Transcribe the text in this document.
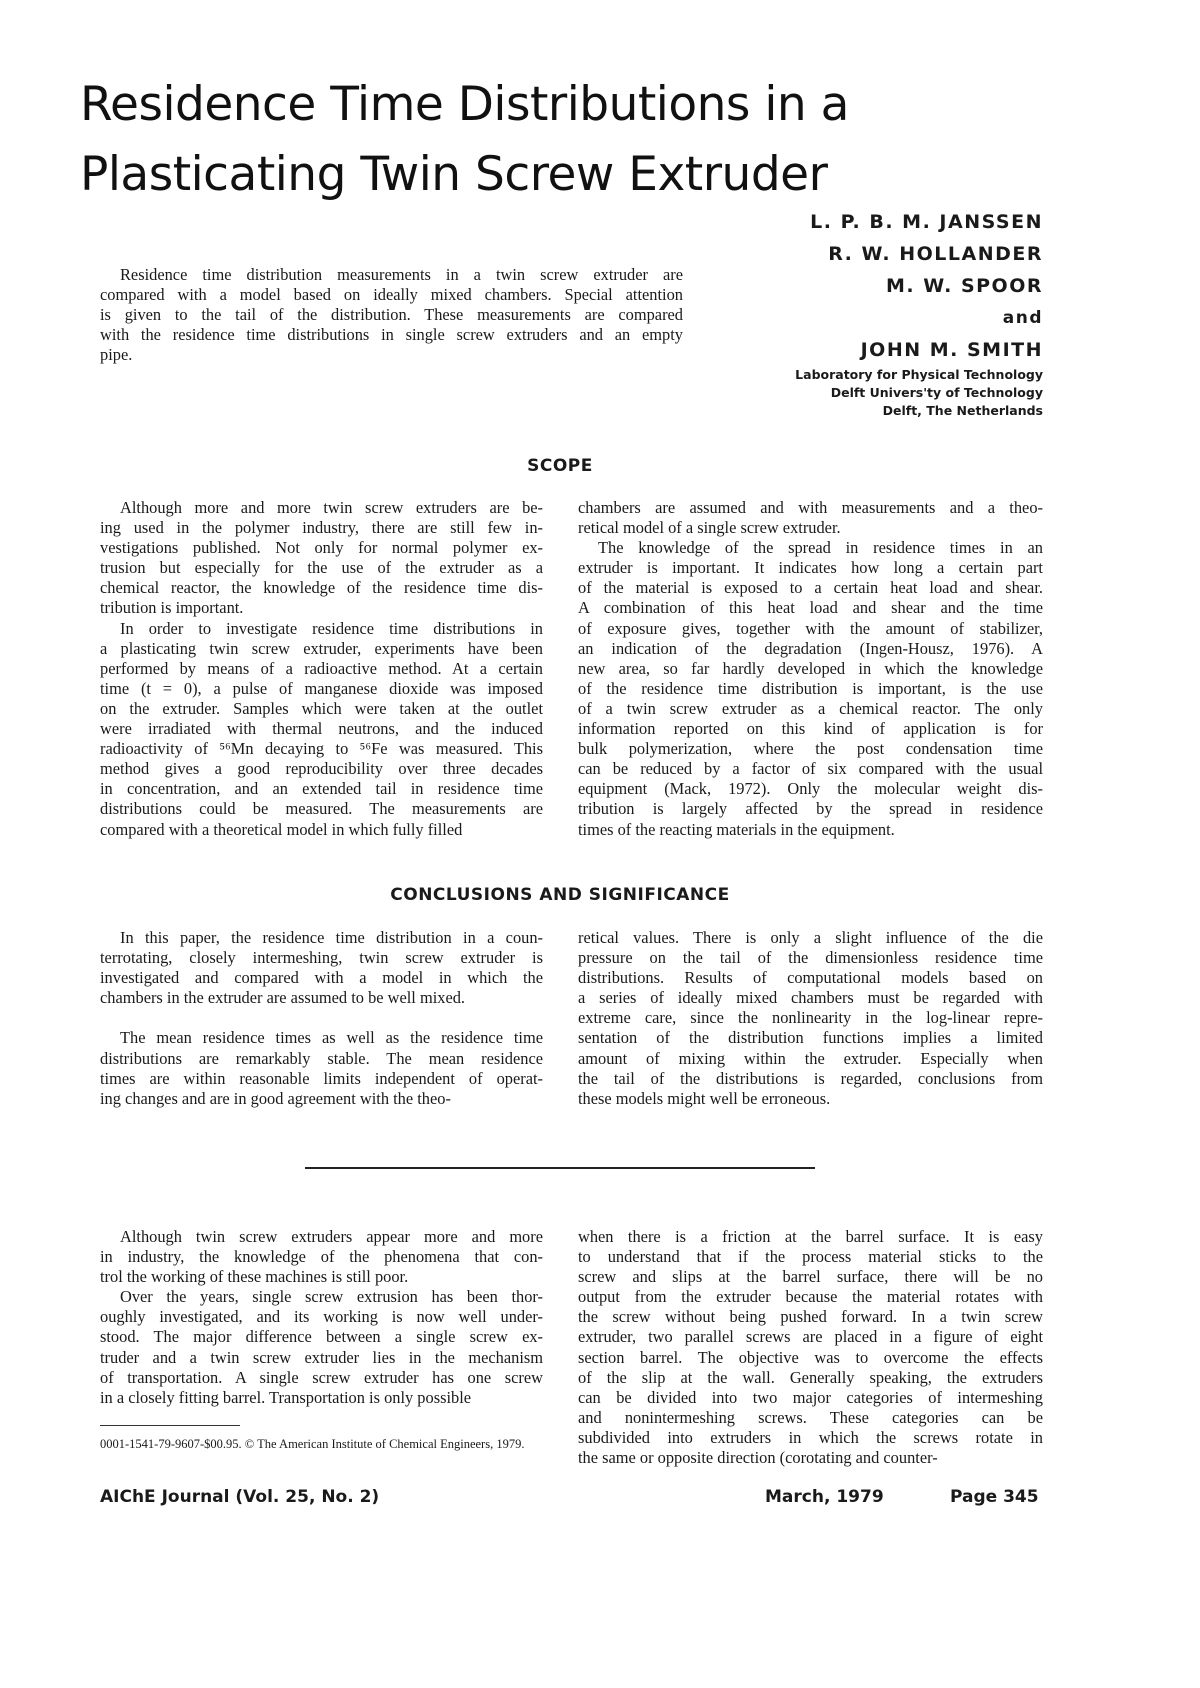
Residence Time Distributions in a
Plasticating Twin Screw Extruder
L. P. B. M. JANSSEN
R. W. HOLLANDER
M. W. SPOOR
and
JOHN M. SMITH
Laboratory for Physical Technology
Delft Univers'ty of Technology
Delft, The Netherlands
Residence time distribution measurements in a twin screw extruder are
compared with a model based on ideally mixed chambers. Special attention
is given to the tail of the distribution. These measurements are compared
with the residence time distributions in single screw extruders and an empty
pipe.
SCOPE
Although more and more twin screw extruders are be-
ing used in the polymer industry, there are still few in-
vestigations published. Not only for normal polymer ex-
trusion but especially for the use of the extruder as a
chemical reactor, the knowledge of the residence time dis-
tribution is important.
In order to investigate residence time distributions in
a plasticating twin screw extruder, experiments have been
performed by means of a radioactive method. At a certain
time (t = 0), a pulse of manganese dioxide was imposed
on the extruder. Samples which were taken at the outlet
were irradiated with thermal neutrons, and the induced
radioactivity of ⁵⁶Mn decaying to ⁵⁶Fe was measured. This
method gives a good reproducibility over three decades
in concentration, and an extended tail in residence time
distributions could be measured. The measurements are
compared with a theoretical model in which fully filled
chambers are assumed and with measurements and a theo-
retical model of a single screw extruder.
The knowledge of the spread in residence times in an
extruder is important. It indicates how long a certain part
of the material is exposed to a certain heat load and shear.
A combination of this heat load and shear and the time
of exposure gives, together with the amount of stabilizer,
an indication of the degradation (Ingen-Housz, 1976). A
new area, so far hardly developed in which the knowledge
of the residence time distribution is important, is the use
of a twin screw extruder as a chemical reactor. The only
information reported on this kind of application is for
bulk polymerization, where the post condensation time
can be reduced by a factor of six compared with the usual
equipment (Mack, 1972). Only the molecular weight dis-
tribution is largely affected by the spread in residence
times of the reacting materials in the equipment.
CONCLUSIONS AND SIGNIFICANCE
In this paper, the residence time distribution in a coun-
terrotating, closely intermeshing, twin screw extruder is
investigated and compared with a model in which the
chambers in the extruder are assumed to be well mixed.
The mean residence times as well as the residence time
distributions are remarkably stable. The mean residence
times are within reasonable limits independent of operat-
ing changes and are in good agreement with the theo-
retical values. There is only a slight influence of the die
pressure on the tail of the dimensionless residence time
distributions. Results of computational models based on
a series of ideally mixed chambers must be regarded with
extreme care, since the nonlinearity in the log-linear repre-
sentation of the distribution functions implies a limited
amount of mixing within the extruder. Especially when
the tail of the distributions is regarded, conclusions from
these models might well be erroneous.
Although twin screw extruders appear more and more
in industry, the knowledge of the phenomena that con-
trol the working of these machines is still poor.
Over the years, single screw extrusion has been thor-
oughly investigated, and its working is now well under-
stood. The major difference between a single screw ex-
truder and a twin screw extruder lies in the mechanism
of transportation. A single screw extruder has one screw
in a closely fitting barrel. Transportation is only possible
when there is a friction at the barrel surface. It is easy
to understand that if the process material sticks to the
screw and slips at the barrel surface, there will be no
output from the extruder because the material rotates with
the screw without being pushed forward. In a twin screw
extruder, two parallel screws are placed in a figure of eight
section barrel. The objective was to overcome the effects
of the slip at the wall. Generally speaking, the extruders
can be divided into two major categories of intermeshing
and nonintermeshing screws. These categories can be
subdivided into extruders in which the screws rotate in
the same or opposite direction (corotating and counter-
0001-1541-79-9607-$00.95. © The American Institute of Chemical Engineers, 1979.
AIChE Journal (Vol. 25, No. 2)	March, 1979	Page 345
